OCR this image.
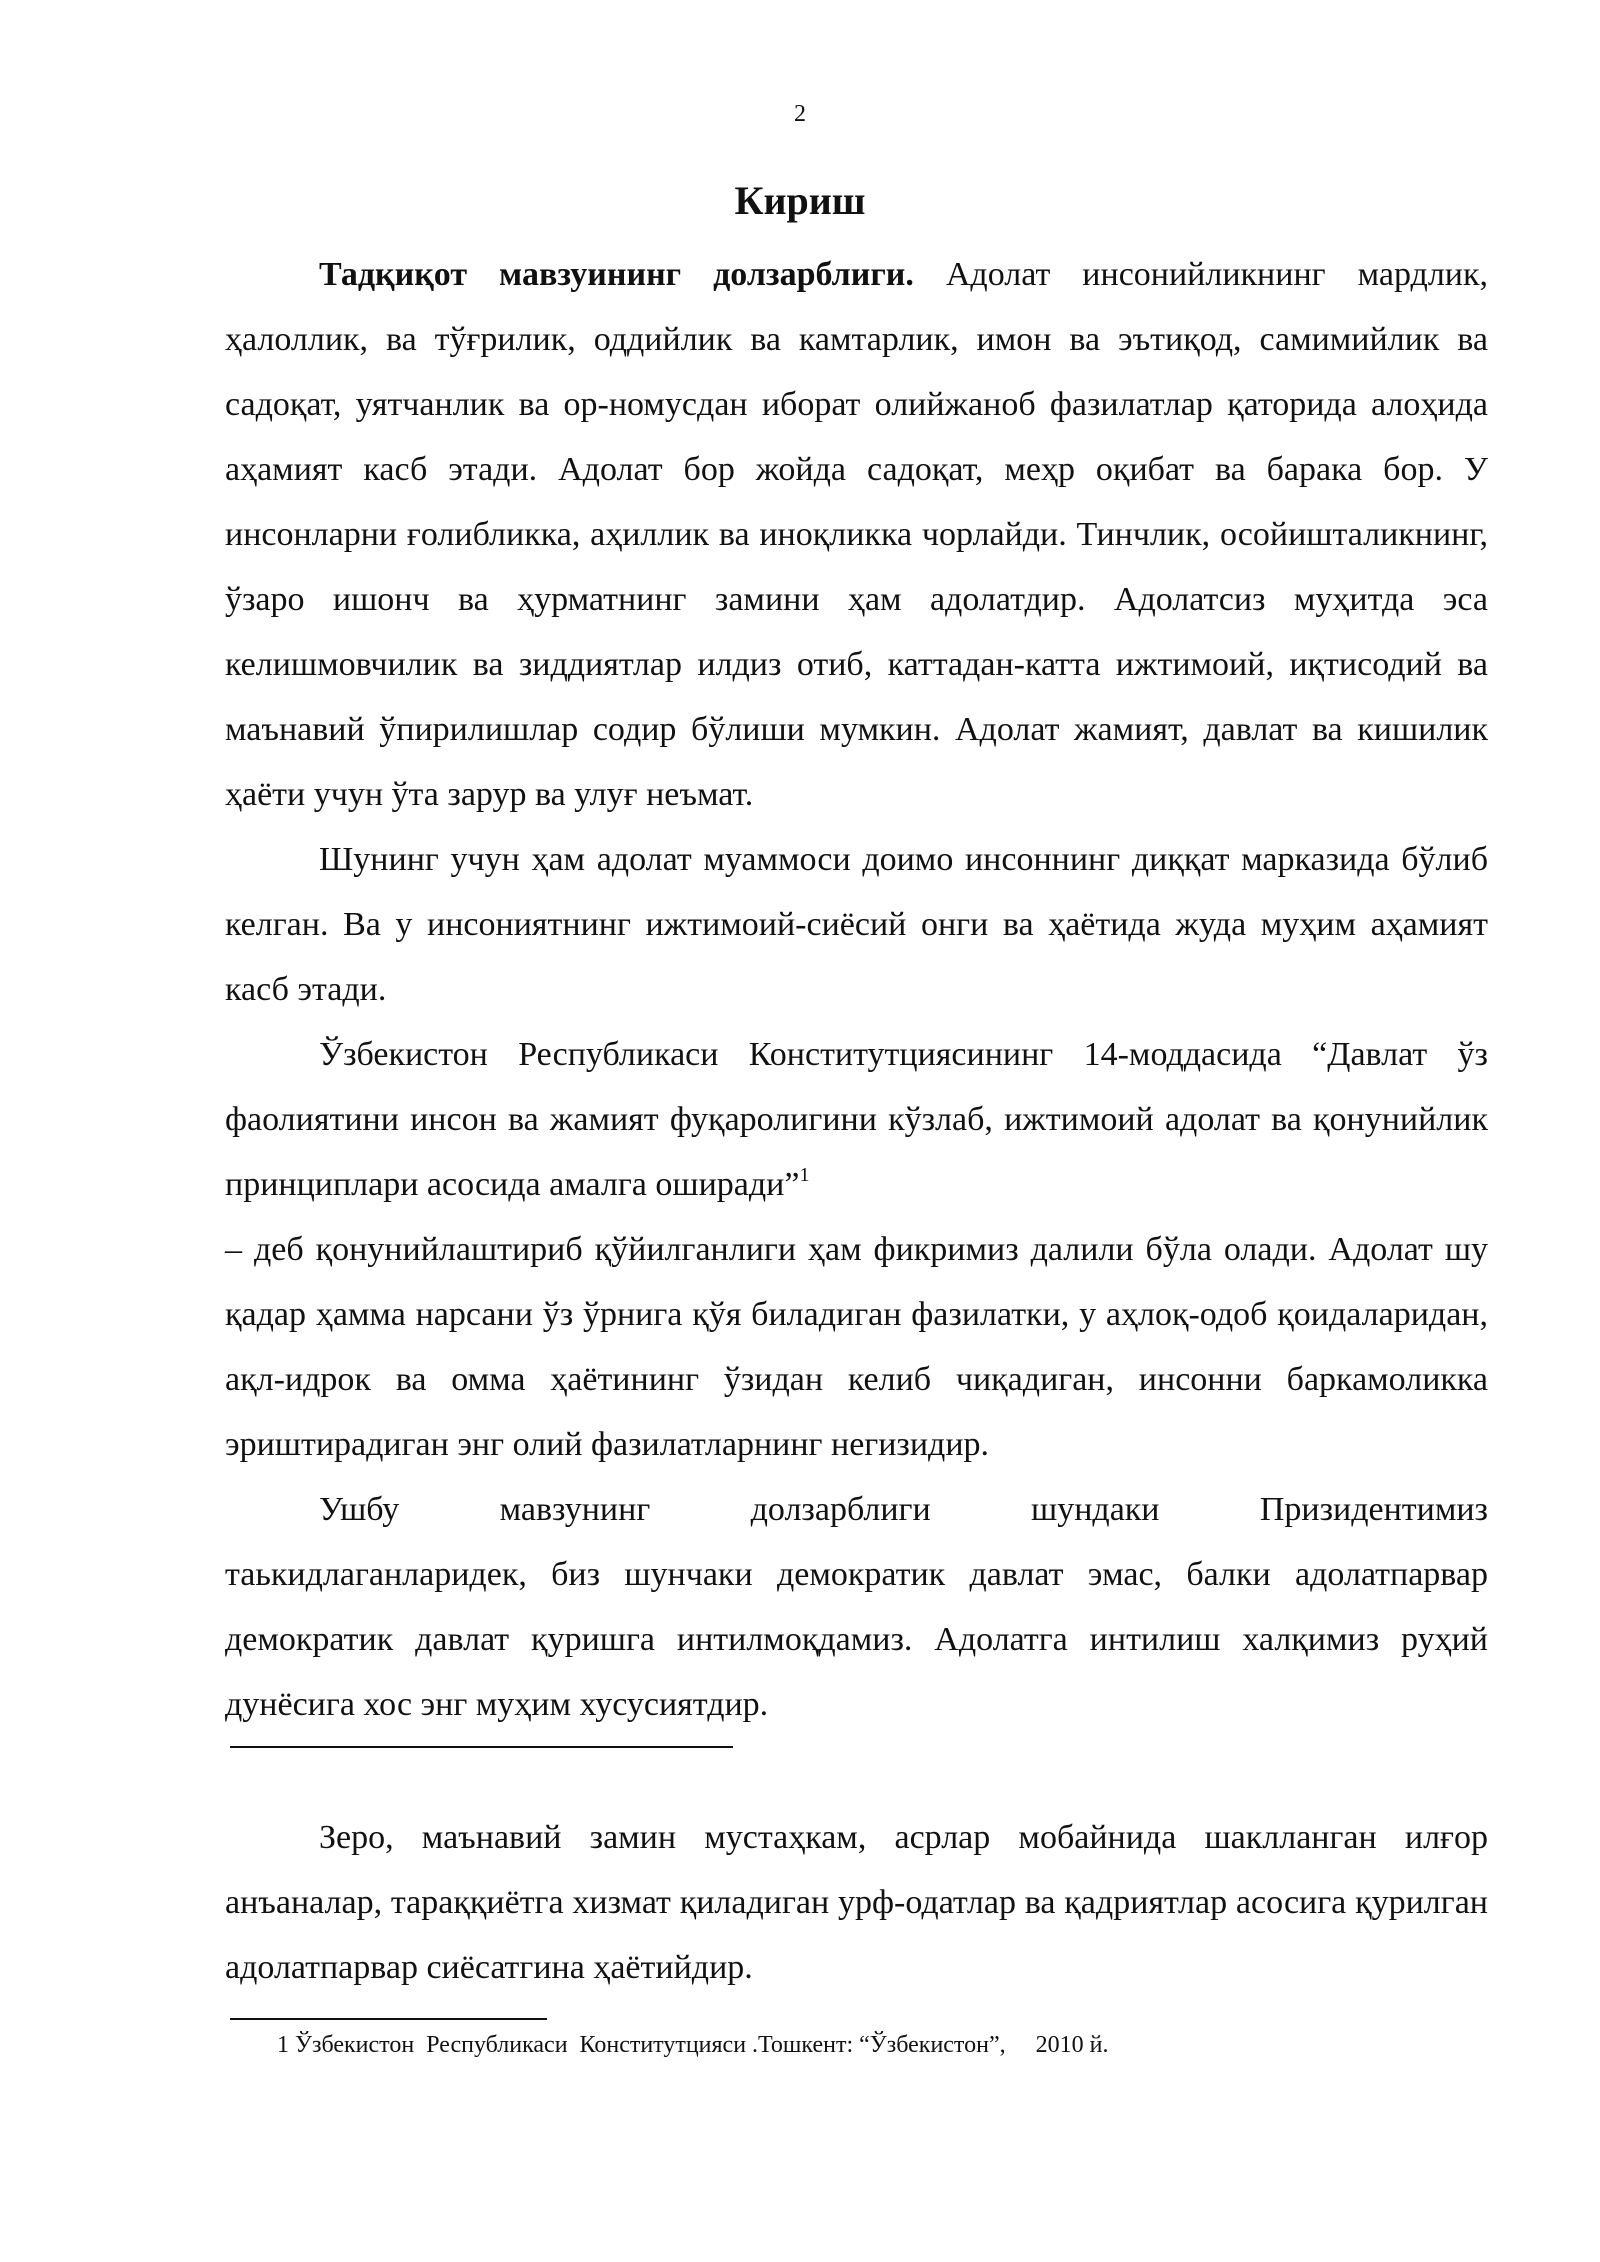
2
Кириш

Тадқиқот мавзуининг долзарблиги. Адолат инсонийликнинг мардлик, ҳалоллик, ва тўғрилик, оддийлик ва камтарлик, имон ва эътиқод, самимийлик ва садоқат, уятчанлик ва ор-номусдан иборат олийжаноб фазилатлар қаторида алоҳида аҳамият касб этади. Адолат бор жойда садоқат, меҳр оқибат ва барака бор. У инсонларни ғолибликка, аҳиллик ва иноқликка чорлайди. Тинчлик, осойишталикнинг, ўзаро ишонч ва ҳурматнинг замини ҳам адолатдир. Адолатсиз муҳитда эса келишмовчилик ва зиддиятлар илдиз отиб, каттадан-катта ижтимоий, иқтисодий ва маънавий ўпирилишлар содир бўлиши мумкин. Адолат жамият, давлат ва кишилик ҳаёти учун ўта зарур ва улуғ неъмат.

Шунинг учун ҳам адолат муаммоси доимо инсоннинг диққат марказида бўлиб келган. Ва у инсониятнинг ижтимоий-сиёсий онги ва ҳаётида жуда муҳим аҳамият касб этади.

Ўзбекистон Республикаси Конститутциясининг 14-моддасида “Давлат ўз фаолиятини инсон ва жамият фуқаролигини кўзлаб, ижтимоий адолат ва қонунийлик принциплари асосида амалга оширади”$^1$

– деб қонунийлаштириб қўйилганлиги ҳам фикримиз далили бўла олади. Адолат шу қадар ҳамма нарсани ўз ўрнига қўя биладиган фазилатки, у аҳлоқ-одоб қоидаларидан, ақл-идрок ва омма ҳаётининг ўзидан келиб чиқадиган, инсонни баркамоликка эриштирадиган энг олий фазилатларнинг негизидир.

Ушбу мавзунинг долзарблиги шундаки Призидентимиз

таькидлаганларидек, биз шунчаки демократик давлат эмас, балки адолатпарвар демократик давлат қуришга интилмоқдамиз. Адолатга интилиш халқимиз руҳий дунёсига хос энг муҳим хусусиятдир.

Зеро, маънавий замин мустаҳкам, асрлар мобайнида шаклланган илғор анъаналар, тараққиётга хизмат қиладиган урф-одатлар ва қадриятлар асосига қурилган адолатпарвар сиёсатгина ҳаётийдир.

1 Ўзбекистон  Республикаси  Конститутцияси .Тошкент: “Ўзбекистон”,     2010 й.
